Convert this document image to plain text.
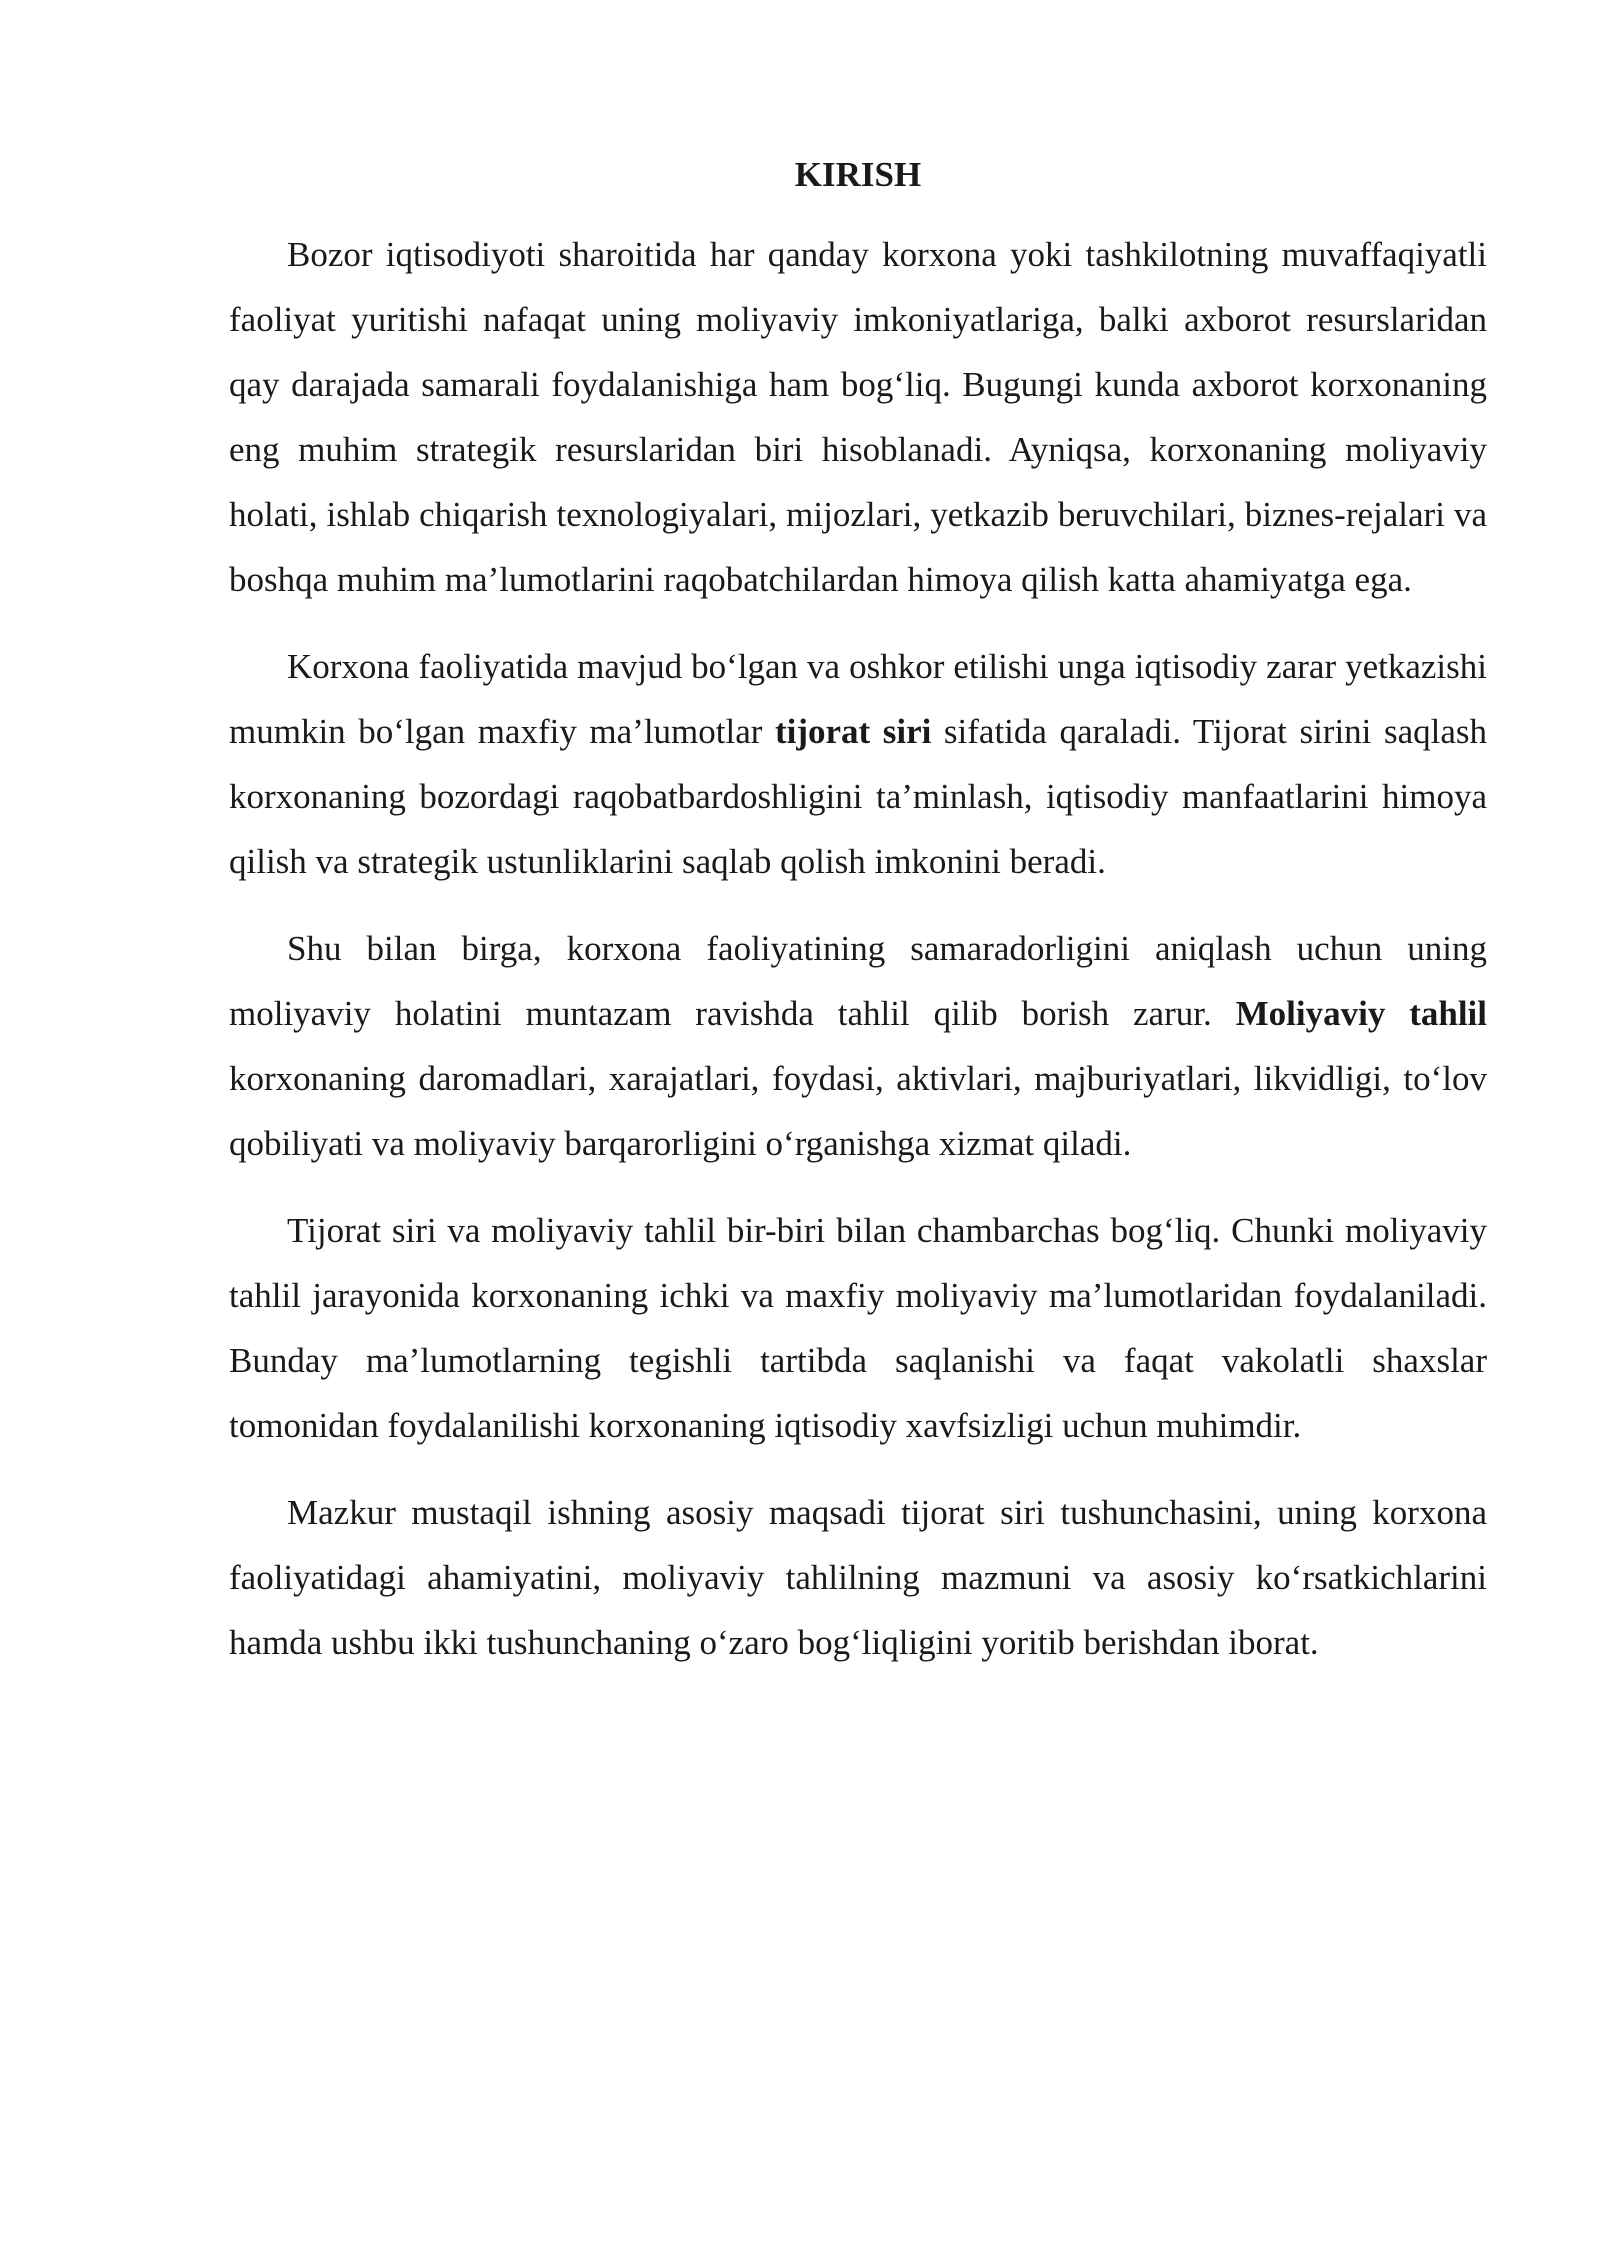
KIRISH

Bozor iqtisodiyoti sharoitida har qanday korxona yoki tashkilotning muvaffaqiyatli faoliyat yuritishi nafaqat uning moliyaviy imkoniyatlariga, balki axborot resurslaridan qay darajada samarali foydalanishiga ham bog‘liq. Bugungi kunda axborot korxonaning eng muhim strategik resurslaridan biri hisoblanadi. Ayniqsa, korxonaning moliyaviy holati, ishlab chiqarish texnologiyalari, mijozlari, yetkazib beruvchilari, biznes-rejalari va boshqa muhim ma’lumotlarini raqobatchilardan himoya qilish katta ahamiyatga ega.

Korxona faoliyatida mavjud bo‘lgan va oshkor etilishi unga iqtisodiy zarar yetkazishi mumkin bo‘lgan maxfiy ma’lumotlar tijorat siri sifatida qaraladi. Tijorat sirini saqlash korxonaning bozordagi raqobatbardoshligini ta’minlash, iqtisodiy manfaatlarini himoya qilish va strategik ustunliklarini saqlab qolish imkonini beradi.

Shu bilan birga, korxona faoliyatining samaradorligini aniqlash uchun uning moliyaviy holatini muntazam ravishda tahlil qilib borish zarur. Moliyaviy tahlil korxonaning daromadlari, xarajatlari, foydasi, aktivlari, majburiyatlari, likvidligi, to‘lov qobiliyati va moliyaviy barqarorligini o‘rganishga xizmat qiladi.

Tijorat siri va moliyaviy tahlil bir-biri bilan chambarchas bog‘liq. Chunki moliyaviy tahlil jarayonida korxonaning ichki va maxfiy moliyaviy ma’lumotlaridan foydalaniladi. Bunday ma’lumotlarning tegishli tartibda saqlanishi va faqat vakolatli shaxslar tomonidan foydalanilishi korxonaning iqtisodiy xavfsizligi uchun muhimdir.

Mazkur mustaqil ishning asosiy maqsadi tijorat siri tushunchasini, uning korxona faoliyatidagi ahamiyatini, moliyaviy tahlilning mazmuni va asosiy ko‘rsatkichlarini hamda ushbu ikki tushunchaning o‘zaro bog‘liqligini yoritib berishdan iborat.
